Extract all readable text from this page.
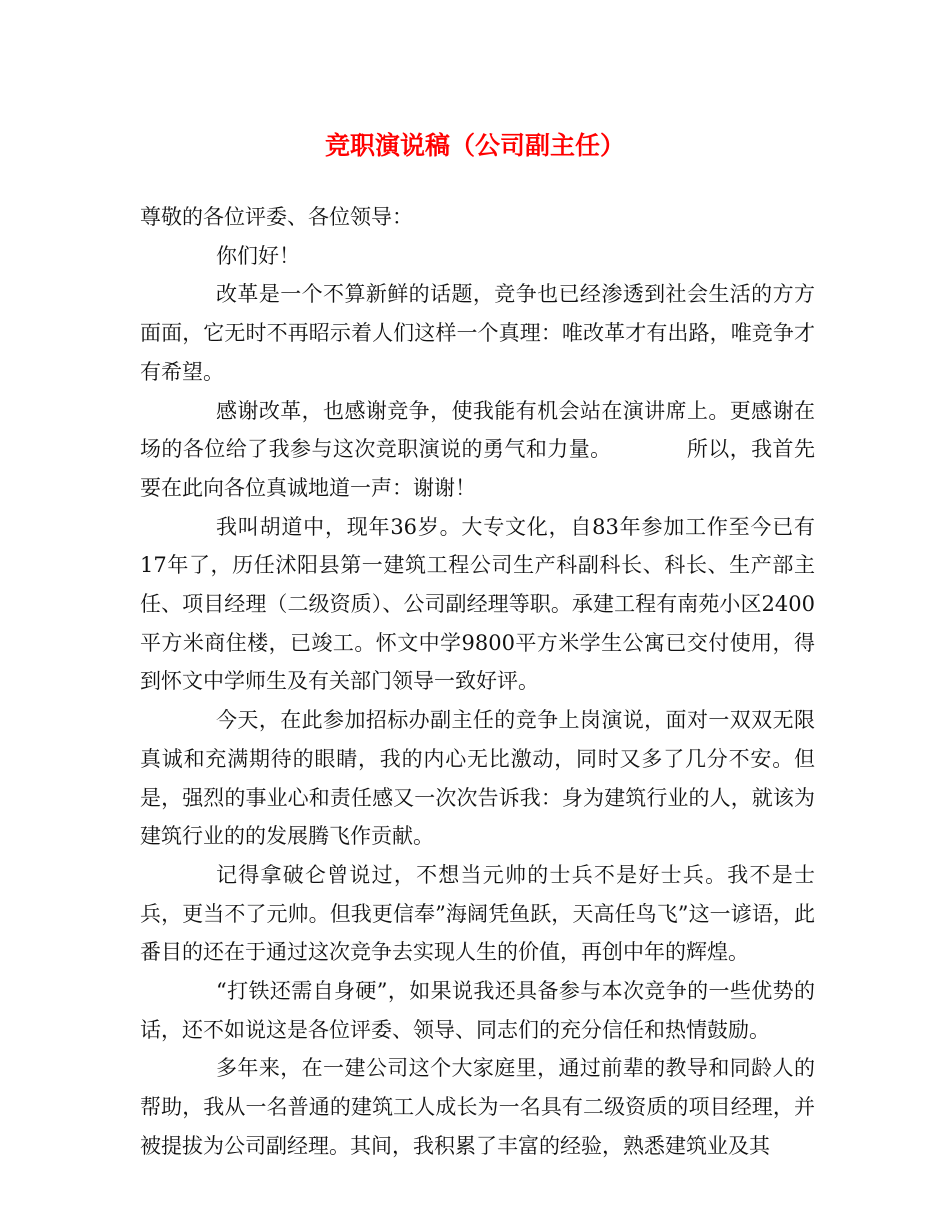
竞职演说稿（公司副主任）

尊敬的各位评委、各位领导：

你们好！

改革是一个不算新鲜的话题，竞争也已经渗透到社会生活的方方面面，它无时不再昭示着人们这样一个真理：唯改革才有出路，唯竞争才有希望。

感谢改革，也感谢竞争，使我能有机会站在演讲席上。更感谢在场的各位给了我参与这次竞职演说的勇气和力量。　　　　所以，我首先要在此向各位真诚地道一声：谢谢！

我叫胡道中，现年36岁。大专文化，自83年参加工作至今已有17年了，历任沭阳县第一建筑工程公司生产科副科长、科长、生产部主任、项目经理（二级资质）、公司副经理等职。承建工程有南苑小区2400平方米商住楼，已竣工。怀文中学9800平方米学生公寓已交付使用，得到怀文中学师生及有关部门领导一致好评。

今天，在此参加招标办副主任的竞争上岗演说，面对一双双无限真诚和充满期待的眼睛，我的内心无比激动，同时又多了几分不安。但是，强烈的事业心和责任感又一次次告诉我：身为建筑行业的人，就该为建筑行业的的发展腾飞作贡献。

记得拿破仑曾说过，不想当元帅的士兵不是好士兵。我不是士兵，更当不了元帅。但我更信奉”海阔凭鱼跃，天高任鸟飞”这一谚语，此番目的还在于通过这次竞争去实现人生的价值，再创中年的辉煌。

“打铁还需自身硬”，如果说我还具备参与本次竞争的一些优势的话，还不如说这是各位评委、领导、同志们的充分信任和热情鼓励。

多年来，在一建公司这个大家庭里，通过前辈的教导和同龄人的帮助，我从一名普通的建筑工人成长为一名具有二级资质的项目经理，并被提拔为公司副经理。其间，我积累了丰富的经验，熟悉建筑业及其
